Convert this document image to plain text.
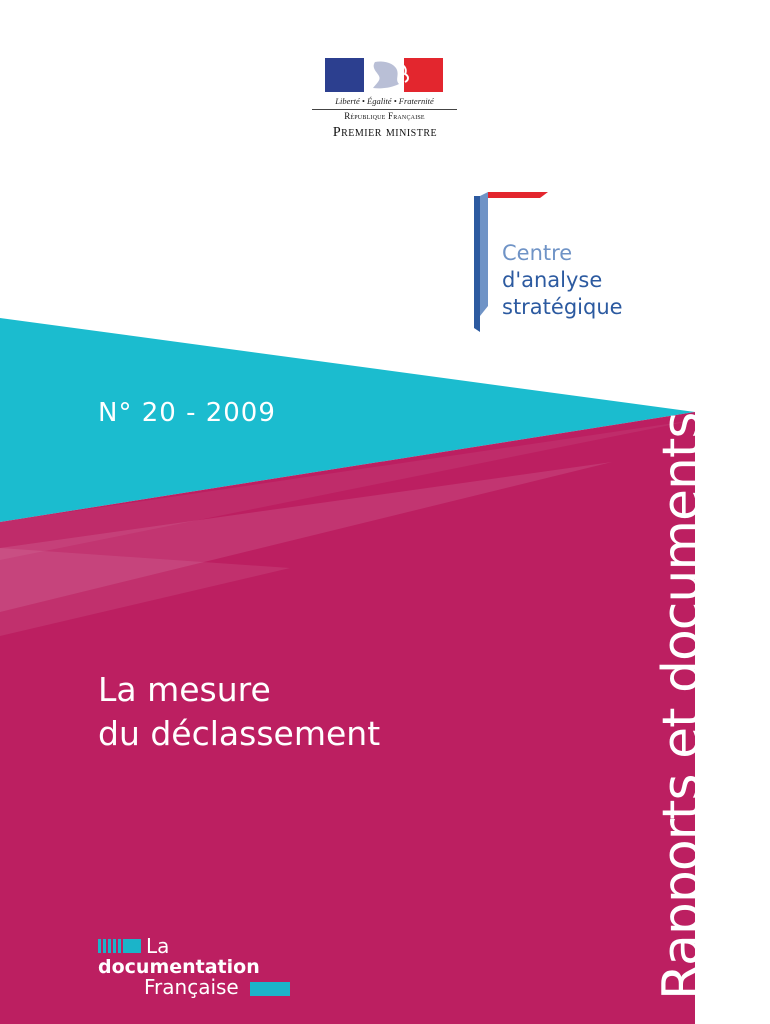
Liberté • Égalité • Fraternité
République Française
Premier ministre
Centre
d'analyse
stratégique
N° 20 - 2009
La mesure
du déclassement	Rapports et documents
La
documentation
Française
